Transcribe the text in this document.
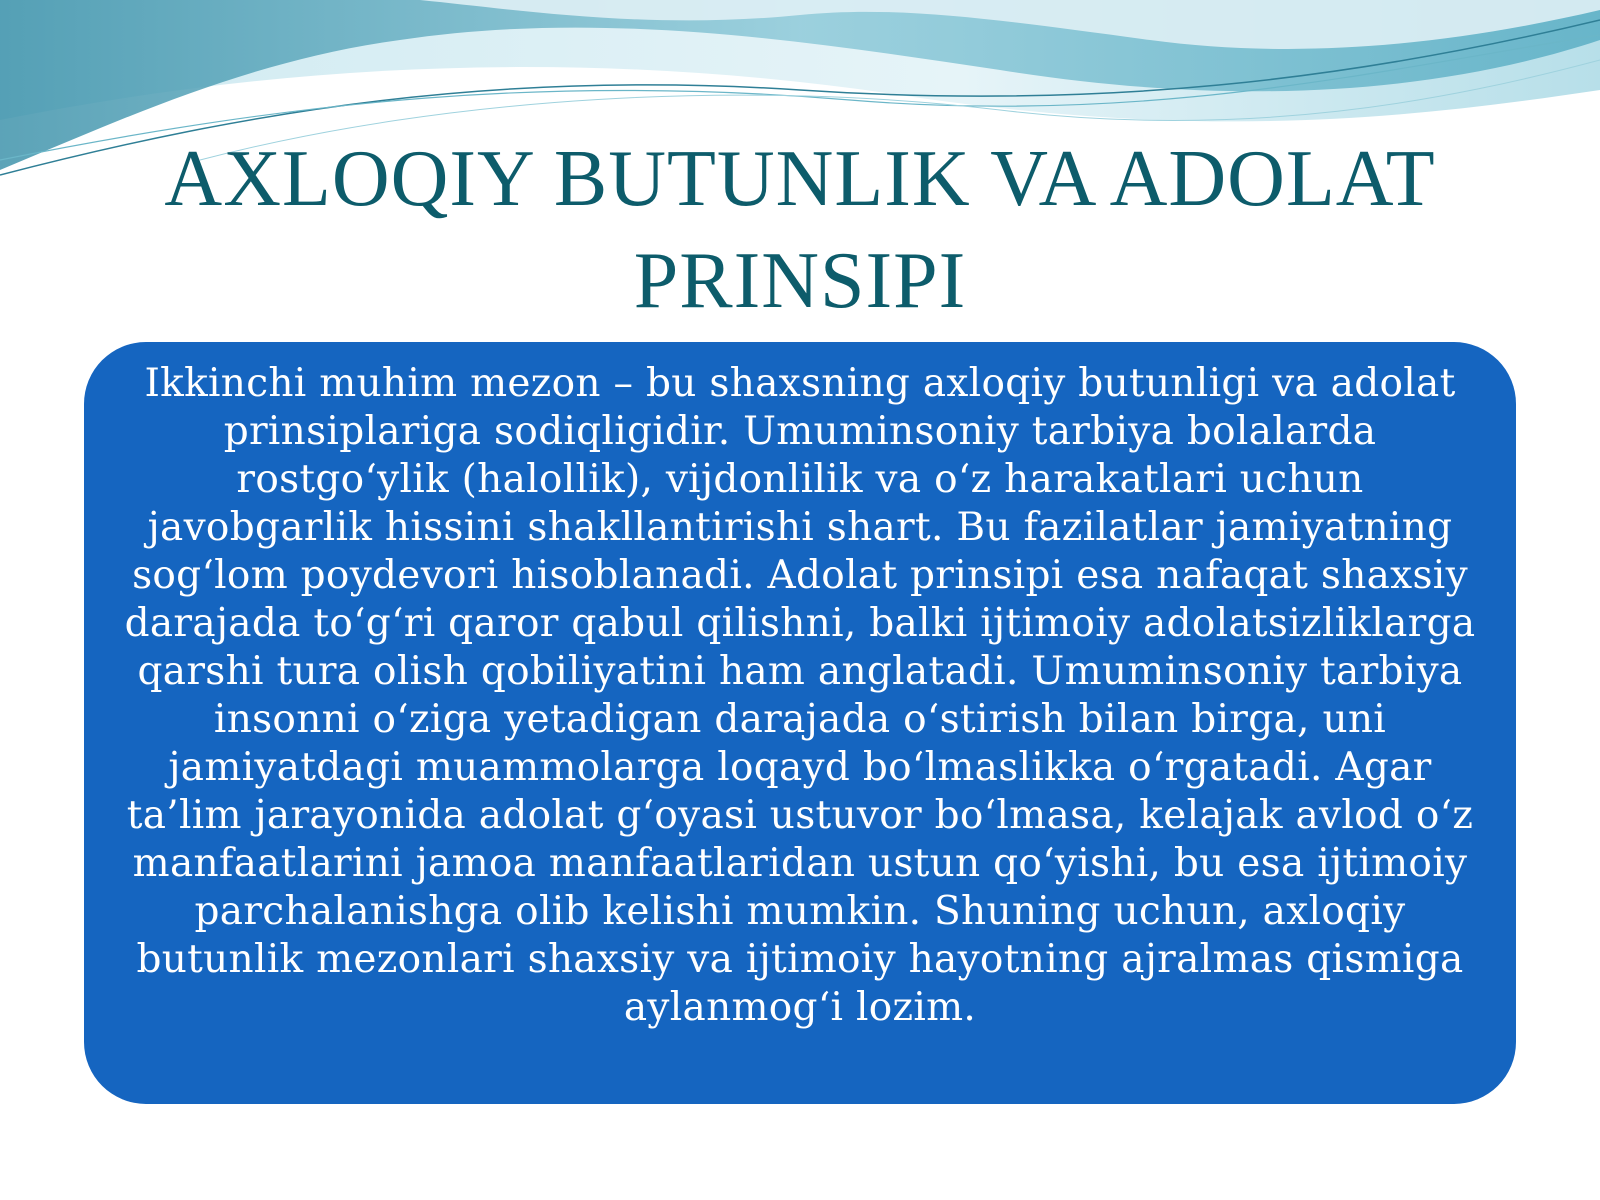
AXLOQIY BUTUNLIK VA ADOLAT PRINSIPI

Ikkinchi muhim mezon – bu shaxsning axloqiy butunligi va adolat prinsiplariga sodiqligidir. Umuminsoniy tarbiya bolalarda rostgo‘ylik (halollik), vijdonlilik va o‘z harakatlari uchun javobgarlik hissini shakllantirishi shart. Bu fazilatlar jamiyatning sog‘lom poydevori hisoblanadi. Adolat prinsipi esa nafaqat shaxsiy darajada to‘g‘ri qaror qabul qilishni, balki ijtimoiy adolatsizliklarga qarshi tura olish qobiliyatini ham anglatadi. Umuminsoniy tarbiya insonni o‘ziga yetadigan darajada o‘stirish bilan birga, uni jamiyatdagi muammolarga loqayd bo‘lmaslikka o‘rgatadi. Agar ta’lim jarayonida adolat g‘oyasi ustuvor bo‘lmasa, kelajak avlod o‘z manfaatlarini jamoa manfaatlaridan ustun qo‘yishi, bu esa ijtimoiy parchalanishga olib kelishi mumkin. Shuning uchun, axloqiy butunlik mezonlari shaxsiy va ijtimoiy hayotning ajralmas qismiga aylanmog‘i lozim.
